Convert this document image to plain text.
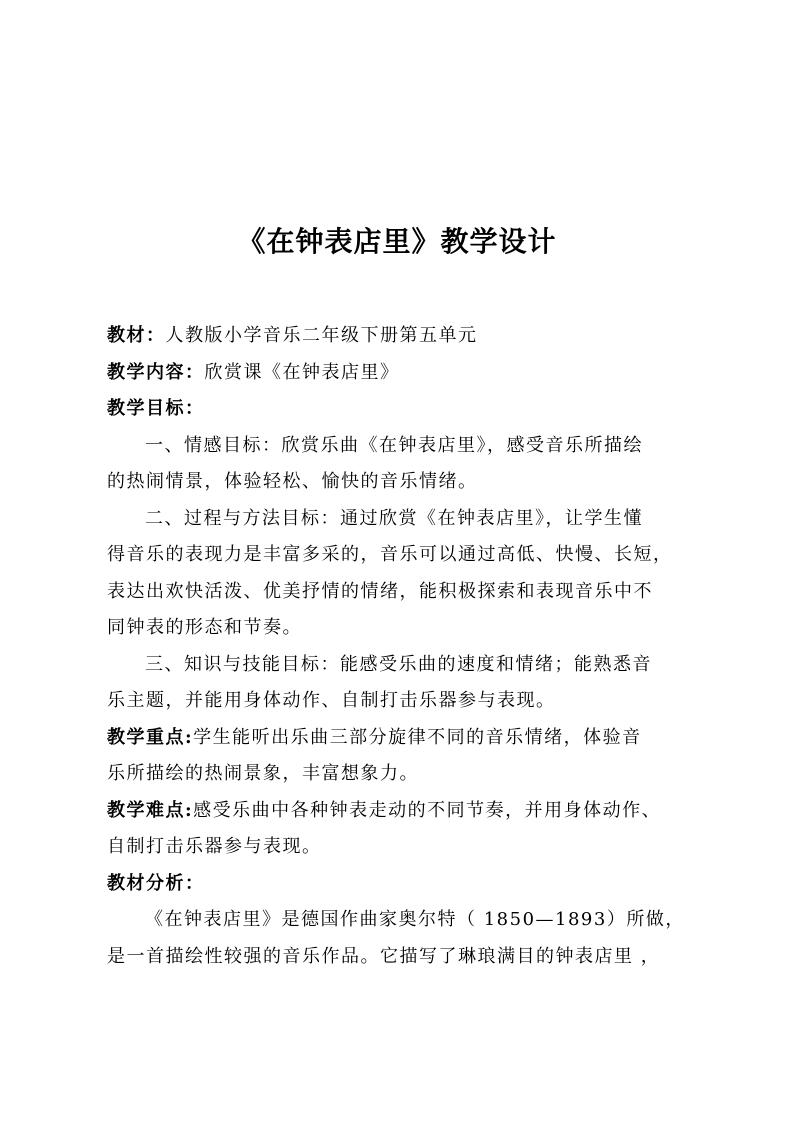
《在钟表店里》教学设计
教材：人教版小学音乐二年级下册第五单元
教学内容：欣赏课《在钟表店里》
教学目标：
一、情感目标：欣赏乐曲《在钟表店里》，感受音乐所描绘
的热闹情景，体验轻松、愉快的音乐情绪。
二、过程与方法目标：通过欣赏《在钟表店里》，让学生懂
得音乐的表现力是丰富多采的，音乐可以通过高低、快慢、长短，
表达出欢快活泼、优美抒情的情绪，能积极探索和表现音乐中不
同钟表的形态和节奏。
三、知识与技能目标：能感受乐曲的速度和情绪；能熟悉音
乐主题，并能用身体动作、自制打击乐器参与表现。
教学重点:学生能听出乐曲三部分旋律不同的音乐情绪，体验音
乐所描绘的热闹景象，丰富想象力。
教学难点:感受乐曲中各种钟表走动的不同节奏，并用身体动作、
自制打击乐器参与表现。
教材分析：
《在钟表店里》是德国作曲家奥尔特（ 1850—1893）所做，
是一首描绘性较强的音乐作品。它描写了琳琅满目的钟表店里 ，
